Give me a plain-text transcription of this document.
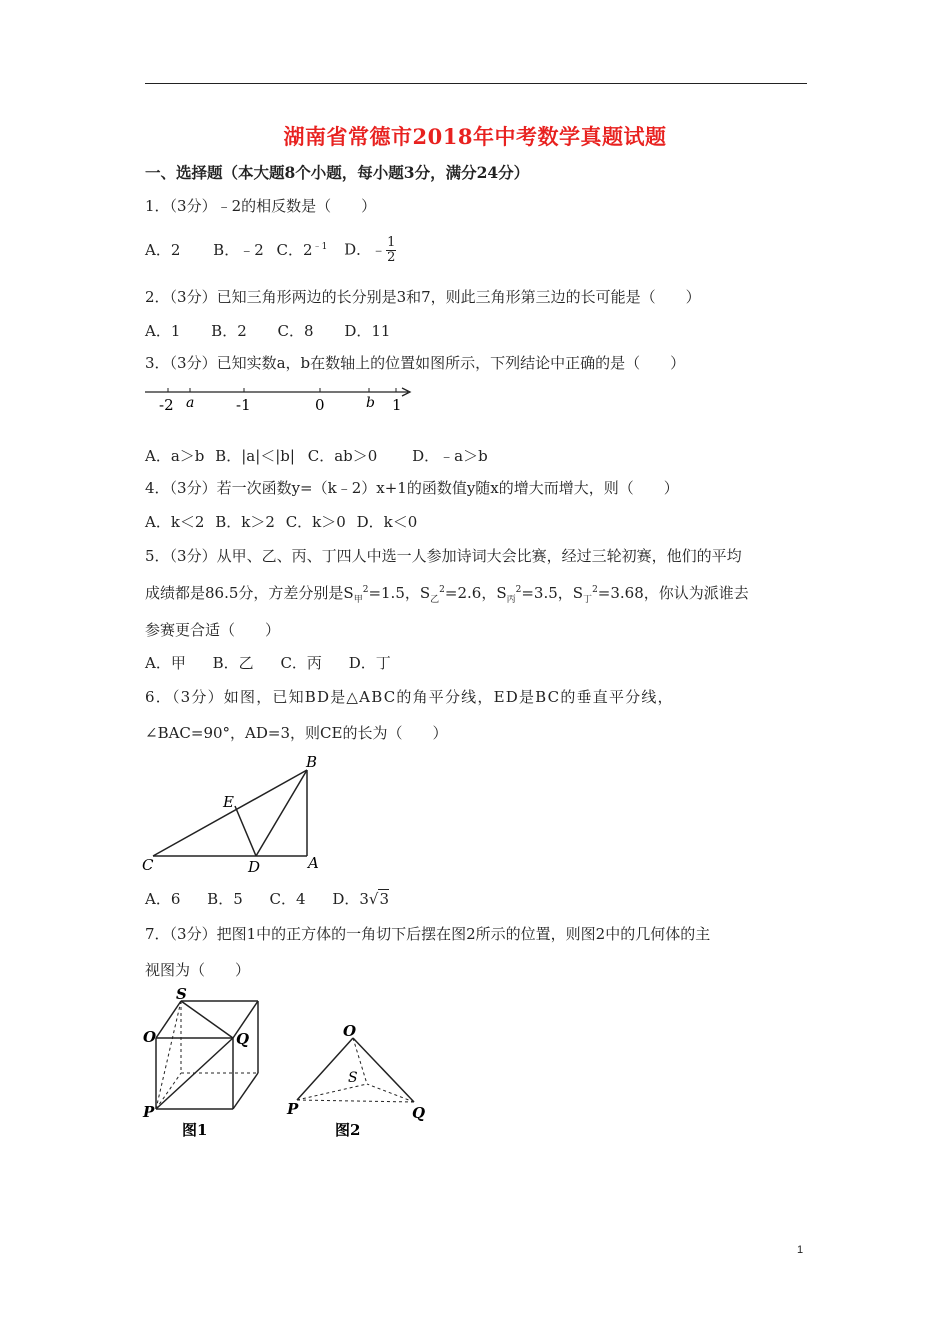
湖南省常德市2018年中考数学真题试题
一、选择题（本大题8个小题，每小题3分，满分24分）
1．（3分）﹣2的相反数是（　　）
A．2 B．﹣2 C．$2^{﹣1}$ D．﹣ $\frac{1}{2}$
2．（3分）已知三角形两边的长分别是3和7，则此三角形第三边的长可能是（　　）
A．1 B．2 C．8 D．11
3．（3分）已知实数a，b在数轴上的位置如图所示，下列结论中正确的是（　　）
-2 a	-1	0	b 1
A．a＞b B．|a|＜|b| C．ab＞0 D．﹣a＞b
4．（3分）若一次函数y=（k﹣2）x+1的函数值y随x的增大而增大，则（　　）
A．k＜2 B．k＞2 C．k＞0 D．k＜0
5．（3分）从甲、乙、丙、丁四人中选一人参加诗词大会比赛，经过三轮初赛，他们的平均
成绩都是86.5分，方差分别是$S_甲^2=1.5$，$S_乙^2=2.6$，$S_丙^2=3.5$，$S_丁^2=3.68$，你认为派谁去
参赛更合适（　　）
A．甲 B．乙 C．丙 D．丁
6．（3分）如图，已知BD是△ABC的角平分线，ED是BC的垂直平分线，
∠BAC=90°，AD=3，则CE的长为（　　）
B
E
C	D	A
A．6 B．5 C．4 D．3√3
7．（3分）把图1中的正方体的一角切下后摆在图2所示的位置，则图2中的几何体的主
视图为（　　）
S
O	Q
P
图1
O
S
P	Q
图2
1
